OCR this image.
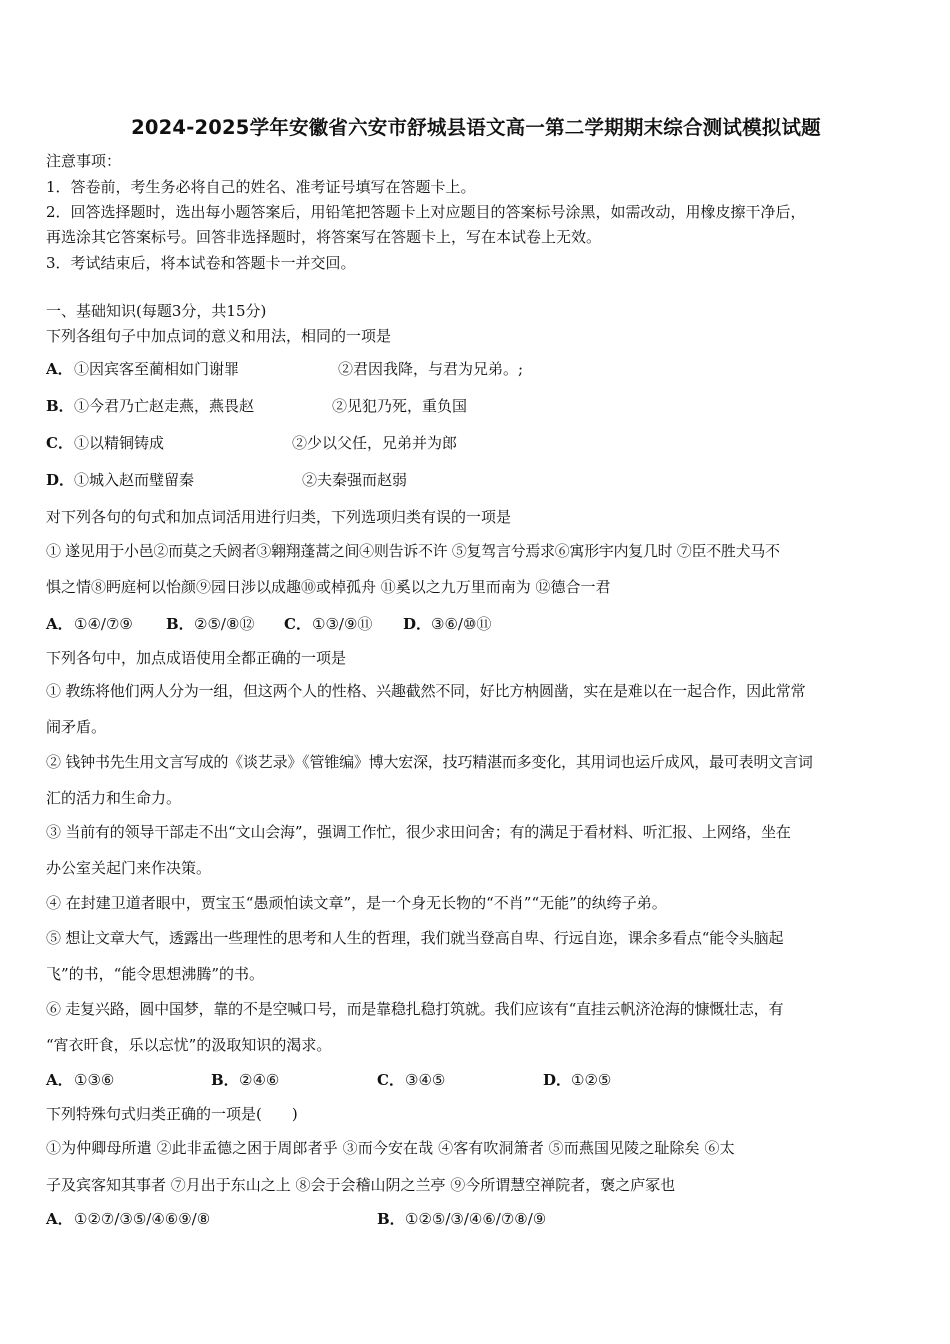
2024-2025学年安徽省六安市舒城县语文高一第二学期期末综合测试模拟试题
注意事项：
1．答卷前，考生务必将自己的姓名、准考证号填写在答题卡上。
2．回答选择题时，选出每小题答案后，用铅笔把答题卡上对应题目的答案标号涂黑，如需改动，用橡皮擦干净后，
再选涂其它答案标号。回答非选择题时，将答案写在答题卡上，写在本试卷上无效。
3．考试结束后，将本试卷和答题卡一并交回。
一、基础知识(每题3分，共15分)
下列各组句子中加点词的意义和用法，相同的一项是
A． ①因宾客至蔺相如门谢罪	②君因我降，与君为兄弟。;
B． ①今君乃亡赵走燕，燕畏赵	②见犯乃死，重负国
C． ①以精铜铸成	②少以父任，兄弟并为郎
D． ①城入赵而璧留秦	②夫秦强而赵弱
对下列各句的句式和加点词活用进行归类，下列选项归类有误的一项是
① 遂见用于小邑②而莫之夭阏者③翱翔蓬蒿之间④则告诉不许 ⑤复驾言兮焉求⑥寓形宇内复几时 ⑦臣不胜犬马不
惧之情⑧眄庭柯以怡颜⑨园日涉以成趣⑩或棹孤舟 ⑪奚以之九万里而南为 ⑫德合一君
A． ①④/⑦⑨ B． ②⑤/⑧⑫ C． ①③/⑨⑪ D． ③⑥/⑩⑪
下列各句中，加点成语使用全都正确的一项是
① 教练将他们两人分为一组，但这两个人的性格、兴趣截然不同，好比方枘圆凿，实在是难以在一起合作，因此常常
闹矛盾。
② 钱钟书先生用文言写成的《谈艺录》《管锥编》博大宏深，技巧精湛而多变化，其用词也运斤成风，最可表明文言词
汇的活力和生命力。
③ 当前有的领导干部走不出“文山会海”，强调工作忙，很少求田问舍；有的满足于看材料、听汇报、上网络，坐在
办公室关起门来作决策。
④ 在封建卫道者眼中，贾宝玉“愚顽怕读文章”，是一个身无长物的“不肖”“无能”的纨绔子弟。
⑤ 想让文章大气，透露出一些理性的思考和人生的哲理，我们就当登高自卑、行远自迩，课余多看点“能令头脑起
飞”的书，“能令思想沸腾”的书。
⑥ 走复兴路，圆中国梦，靠的不是空喊口号，而是靠稳扎稳打筑就。我们应该有“直挂云帆济沧海的慷慨壮志，有
“宵衣旰食，乐以忘忧”的汲取知识的渴求。
A． ①③⑥	B． ②④⑥	C． ③④⑤	D． ①②⑤
下列特殊句式归类正确的一项是(　　)
①为仲卿母所遣 ②此非孟德之困于周郎者乎 ③而今安在哉 ④客有吹洞箫者 ⑤而燕国见陵之耻除矣 ⑥太
子及宾客知其事者 ⑦月出于东山之上 ⑧会于会稽山阴之兰亭 ⑨今所谓慧空禅院者，褒之庐冢也
A． ①②⑦/③⑤/④⑥⑨/⑧	B． ①②⑤/③/④⑥/⑦⑧/⑨
